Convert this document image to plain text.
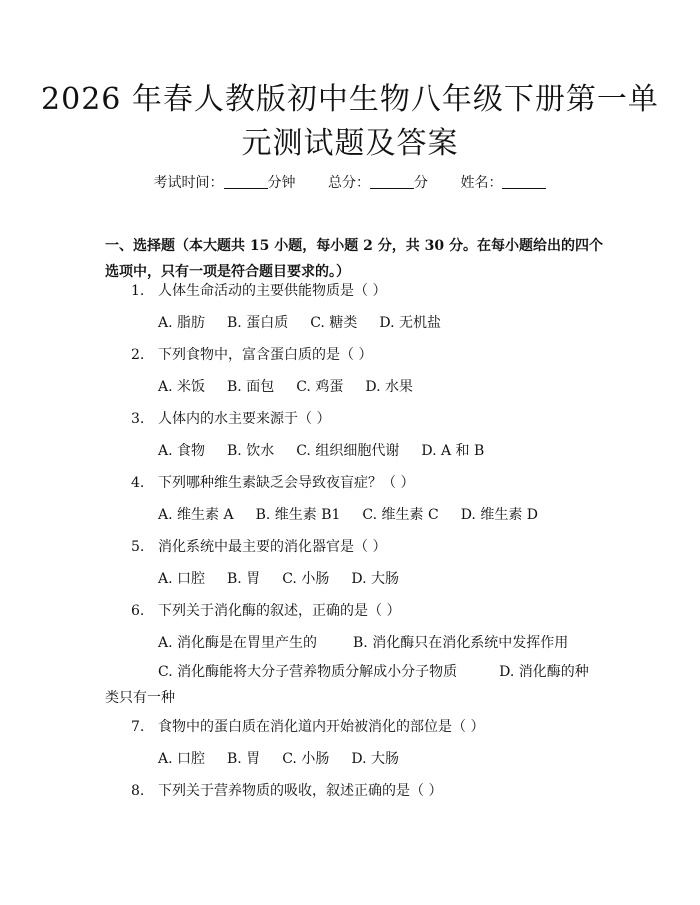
2026 年春人教版初中生物八年级下册第一单
元测试题及答案
考试时间：	分钟 总分：	分 姓名：
一、选择题（本大题共 15 小题，每小题 2 分，共 30 分。在每小题给出的四个选项中，只有一项是符合题目要求的。）
1. 人体生命活动的主要供能物质是（ ）
A. 脂肪 B. 蛋白质 C. 糖类 D. 无机盐
2. 下列食物中，富含蛋白质的是（ ）
A. 米饭 B. 面包 C. 鸡蛋 D. 水果
3. 人体内的水主要来源于（ ）
A. 食物 B. 饮水 C. 组织细胞代谢 D. A 和 B
4. 下列哪种维生素缺乏会导致夜盲症？（ ）
A. 维生素 A B. 维生素 B1 C. 维生素 C D. 维生素 D
5. 消化系统中最主要的消化器官是（ ）
A. 口腔 B. 胃 C. 小肠 D. 大肠
6. 下列关于消化酶的叙述，正确的是（ ）
A. 消化酶是在胃里产生的	B. 消化酶只在消化系统中发挥作用
C. 消化酶能将大分子营养物质分解成小分子物质　　　D. 消化酶的种类只有一种
7. 食物中的蛋白质在消化道内开始被消化的部位是（ ）
A. 口腔 B. 胃 C. 小肠 D. 大肠
8. 下列关于营养物质的吸收，叙述正确的是（ ）
